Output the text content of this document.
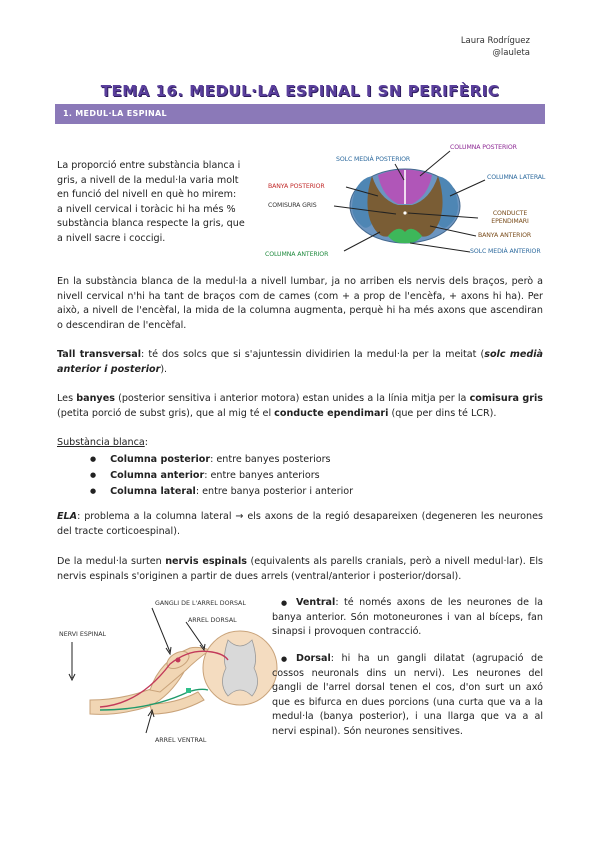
Laura Rodríguez
@lauleta
TEMA 16. MEDUL·LA ESPINAL I SN PERIFÈRIC
1. MEDUL·LA ESPINAL
La proporció entre substància blanca i
gris, a nivell de la medul·la varia molt
en funció del nivell en què ho mirem:
a nivell cervical i toràcic hi ha més %
substància blanca respecte la gris, que
a nivell sacre i coccigi.
COLUMNA POSTERIOR
SOLC MEDIÀ POSTERIOR
COLUMNA LATERAL
BANYA POSTERIOR
COMISURA GRIS
CONDUCTE EPENDIMARI
BANYA ANTERIOR
COLUMNA ANTERIOR	SOLC MEDIÀ ANTERIOR
En la substància blanca de la medul·la a nivell lumbar, ja no arriben els nervis dels braços, però a nivell cervical n'hi ha tant de braços com de cames (com + a prop de l'encèfa, + axons hi ha). Per això, a nivell de l'encèfal, la mida de la columna augmenta, perquè hi ha més axons que ascendiran o descendiran de l'encèfal.
Tall transversal: té dos solcs que si s'ajuntessin dividirien la medul·la per la meitat (solc medià anterior i posterior).
Les banyes (posterior sensitiva i anterior motora) estan unides a la línia mitja per la comisura gris (petita porció de subst gris), que al mig té el conducte ependimari (que per dins té LCR).
Substància blanca:
● Columna posterior: entre banyes posteriors
● Columna anterior: entre banyes anteriors
● Columna lateral: entre banya posterior i anterior
ELA: problema a la columna lateral → els axons de la regió desapareixen (degeneren les neurones del tracte corticoespinal).
De la medul·la surten nervis espinals (equivalents als parells cranials, però a nivell medul·lar). Els nervis espinals s'originen a partir de dues arrels (ventral/anterior i posterior/dorsal).
GANGLI DE L'ARREL DORSAL
ARREL DORSAL
NERVI ESPINAL
ARREL VENTRAL
● Ventral: té només axons de les neurones de la banya anterior. Són motoneurones i van al bíceps, fan sinapsi i provoquen contracció.
● Dorsal: hi ha un gangli dilatat (agrupació de cossos neuronals dins un nervi). Les neurones del gangli de l'arrel dorsal tenen el cos, d'on surt un axó que es bifurca en dues porcions (una curta que va a la medul·la (banya posterior), i una llarga que va a al nervi espinal). Són neurones sensitives.
